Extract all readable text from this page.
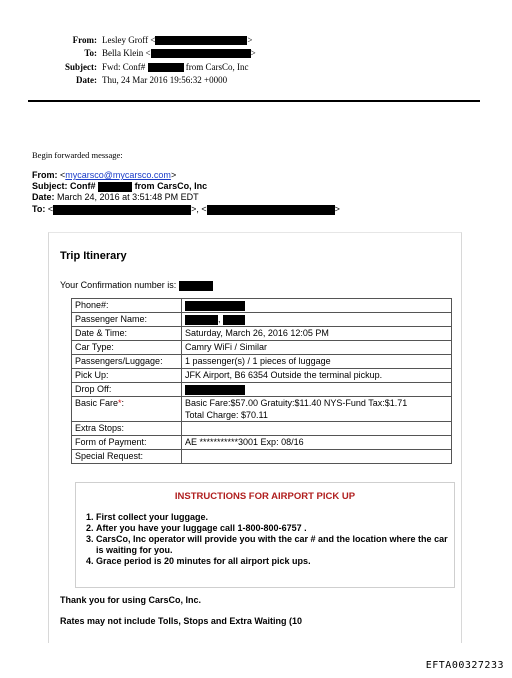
From: Lesley Groff <	>
To: Bella Klein <	>
Subject: Fwd: Conf#	from CarsCo, Inc
Date: Thu, 24 Mar 2016 19:56:32 +0000
Begin forwarded message:
From: <mycarsco@mycarsco.com>
Subject: Conf#	from CarsCo, Inc
Date: March 24, 2016 at 3:51:48 PM EDT
To: <	>, <	>
Trip Itinerary
Your Confirmation number is:
Phone#:	
Passenger Name:	,
Date & Time:	Saturday, March 26, 2016 12:05 PM
Car Type:	Camry WiFi / Similar
Passengers/Luggage:	1 passenger(s) / 1 pieces of luggage
Pick Up:	JFK Airport, B6 6354 Outside the terminal pickup.
Drop Off:	
Basic Fare*:	Basic Fare:$57.00 Gratuity:$11.40 NYS-Fund Tax:$1.71
Total Charge: $70.11

Extra Stops:	
Form of Payment:	AE ***********3001 Exp: 08/16
Special Request:	
INSTRUCTIONS FOR AIRPORT PICK UP
1. First collect your luggage.
2. After you have your luggage call 1-800-800-6757 .
3. CarsCo, Inc operator will provide you with the car # and the location where the car is waiting for you.
4. Grace period is 20 minutes for all airport pick ups.
Thank you for using CarsCo, Inc.
Rates may not include Tolls, Stops and Extra Waiting (10
EFTA00327233
